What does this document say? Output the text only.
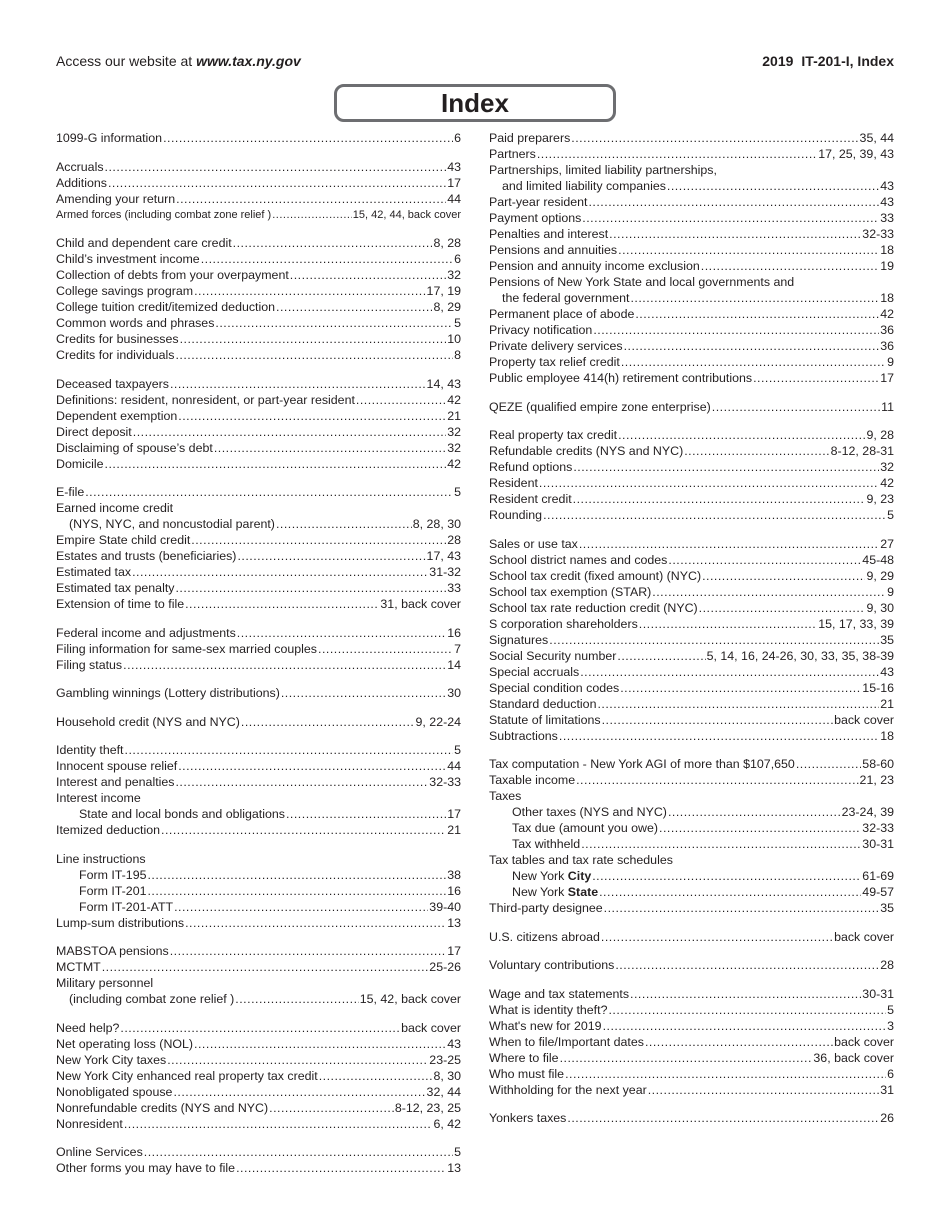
Access our website at www.tax.ny.gov	2019 IT-201-I, Index
Index
1099-G information .....	6
Accruals .....	43
Additions .....	17
Amending your return .....	44
Armed forces (including combat zone relief ) .....	15, 42, 44, back cover
Child and dependent care credit .....	8, 28
Child’s investment income .....	6
Collection of debts from your overpayment .....	32
College savings program .....	17, 19
College tuition credit/itemized deduction .....	8, 29
Common words and phrases .....	5
Credits for businesses .....	10
Credits for individuals .....	8
Deceased taxpayers .....	14, 43
Definitions: resident, nonresident, or part-year resident .....	42
Dependent exemption .....	21
Direct deposit .....	32
Disclaiming of spouse’s debt .....	32
Domicile .....	42
E-file .....	5
Earned income credit
(NYS, NYC, and noncustodial parent) .....	8, 28, 30
Empire State child credit .....	28
Estates and trusts (beneficiaries) .....	17, 43
Estimated tax .....	31-32
Estimated tax penalty .....	33
Extension of time to file .....	31, back cover
Federal income and adjustments .....	16
Filing information for same-sex married couples .....	7
Filing status .....	14
Gambling winnings (Lottery distributions) .....	30
Household credit (NYS and NYC) .....	9, 22-24
Identity theft .....	5
Innocent spouse relief .....	44
Interest and penalties .....	32-33
Interest income
State and local bonds and obligations .....	17
Itemized deduction .....	21
Line instructions
Form IT-195 .....	38
Form IT-201 .....	16
Form IT-201-ATT .....	39-40
Lump-sum distributions .....	13
MABSTOA pensions .....	17
MCTMT .....	25-26
Military personnel
(including combat zone relief ) .....	15, 42, back cover
Need help? .....	back cover
Net operating loss (NOL) .....	43
New York City taxes .....	23-25
New York City enhanced real property tax credit .....	8, 30
Nonobligated spouse .....	32, 44
Nonrefundable credits (NYS and NYC) .....	8-12, 23, 25
Nonresident .....	6, 42
Online Services .....	5
Other forms you may have to file .....	13
Paid preparers .....	35, 44
Partners .....	17, 25, 39, 43
Partnerships, limited liability partnerships,
and limited liability companies .....	43
Part-year resident .....	43
Payment options .....	33
Penalties and interest .....	32-33
Pensions and annuities .....	18
Pension and annuity income exclusion .....	19
Pensions of New York State and local governments and
the federal government .....	18
Permanent place of abode .....	42
Privacy notification .....	36
Private delivery services .....	36
Property tax relief credit .....	9
Public employee 414(h) retirement contributions .....	17
QEZE (qualified empire zone enterprise) .....	11
Real property tax credit .....	9, 28
Refundable credits (NYS and NYC) .....	8-12, 28-31
Refund options .....	32
Resident .....	42
Resident credit .....	9, 23
Rounding .....	5
Sales or use tax .....	27
School district names and codes .....	45-48
School tax credit (fixed amount) (NYC) .....	9, 29
School tax exemption (STAR) .....	9
School tax rate reduction credit (NYC) .....	9, 30
S corporation shareholders .....	15, 17, 33, 39
Signatures .....	35
Social Security number .....	5, 14, 16, 24-26, 30, 33, 35, 38-39
Special accruals .....	43
Special condition codes .....	15-16
Standard deduction .....	21
Statute of limitations .....	back cover
Subtractions .....	18
Tax computation - New York AGI of more than $107,650 .....	58-60
Taxable income .....	21, 23
Taxes
Other taxes (NYS and NYC) .....	23-24, 39
Tax due (amount you owe) .....	32-33
Tax withheld .....	30-31
Tax tables and tax rate schedules
New York City .....	61-69
New York State .....	49-57
Third-party designee .....	35
U.S. citizens abroad .....	back cover
Voluntary contributions .....	28
Wage and tax statements .....	30-31
What is identity theft? .....	5
What's new for 2019 .....	3
When to file/Important dates .....	back cover
Where to file .....	36, back cover
Who must file .....	6
Withholding for the next year .....	31
Yonkers taxes .....	26
